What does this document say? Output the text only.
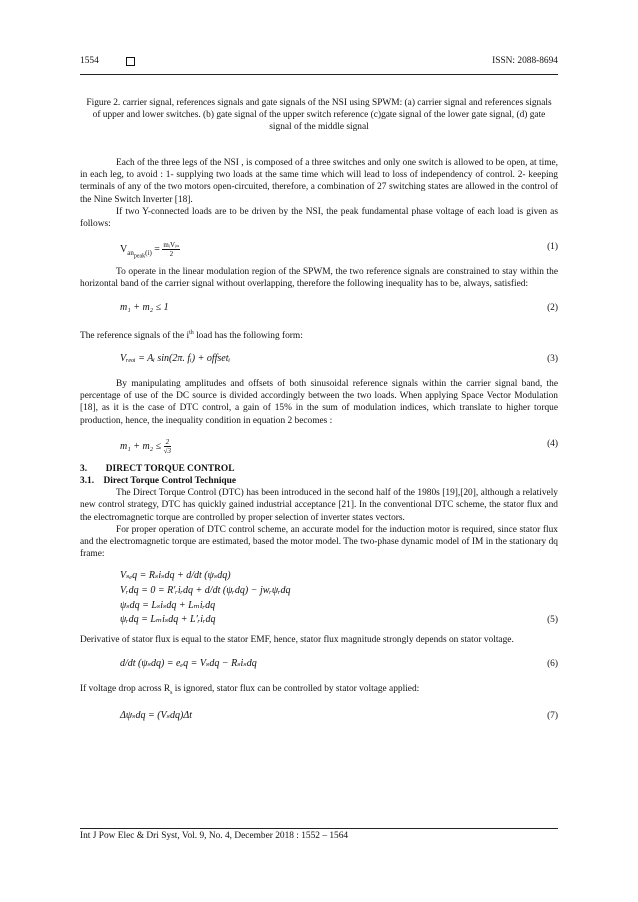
1554	ISSN: 2088-8694
Figure 2. carrier signal, references signals and gate signals of the NSI using SPWM: (a) carrier signal and references signals of upper and lower switches. (b) gate signal of the upper switch reference (c)gate signal of the lower gate signal, (d) gate signal of the middle signal

Each of the three legs of the NSI , is composed of a three switches and only one switch is allowed to be open, at time, in each leg, to avoid : 1- supplying two loads at the same time which will lead to loss of independency of control. 2- keeping terminals of any of the two motors open-circuited, therefore, a combination of 27 switching states are allowed in the control of the Nine Switch Inverter [18].

If two Y-connected loads are to be driven by the NSI, the peak fundamental phase voltage of each load is given as follows:

$V_{an_{peak}(i)} = \frac{\text{mᵢVᵢₙ}}{2}$	(1)

To operate in the linear modulation region of the SPWM, the two reference signals are constrained to stay within the horizontal band of the carrier signal without overlapping, therefore the following inequality has to be, always, satisfied:

m₁ + m₂ ≤ 1	(2)

The reference signals of the $i^{th}$ load has the following form:

Vᵣₑₒᵢ = Aᵢ sin(2π. fᵢ) + offsetᵢ	(3)

By manipulating amplitudes and offsets of both sinusoidal reference signals within the carrier signal band, the percentage of use of the DC source is divided accordingly between the two loads. When applying Space Vector Modulation [18], as it is the case of DTC control, a gain of 15% in the sum of modulation indices, which translate to higher torque production, hence, the inequality condition in equation 2 becomes :

$m_1 + m_2 \le \frac{2}{√3}$	(4)

3.  DIRECT TORQUE CONTROL

3.1. Direct Torque Control Technique

The Direct Torque Control (DTC) has been introduced in the second half of the 1980s [19],[20], although a relatively new control strategy, DTC has quickly gained industrial acceptance [21]. In the conventional DTC scheme, the stator flux and the electromagnetic torque are controlled by proper selection of inverter states vectors.

For proper operation of DTC control scheme, an accurate model for the induction motor is required, since stator flux and the electromagnetic torque are estimated, based the motor model. The two-phase dynamic model of IM in the stationary dq frame:

Vₛₑq = Rₛiₛdq + d/dt (ψₛdq)
Vᵣdq = 0 = R′ᵣiᵣdq + d/dt (ψᵣdq) − jwᵣψᵣdq
ψₛdq = Lₛiₛdq + Lₘiᵣdq
ψᵣdq = Lₘiₛdq + L′ᵣiᵣdq	(5)

Derivative of stator flux is equal to the stator EMF, hence, stator flux magnitude strongly depends on stator voltage.

d/dt (ψₛdq) = eₑq = Vₛdq − Rₛiₛdq	(6)

If voltage drop across $R_s$ is ignored, stator flux can be controlled by stator voltage applied:

Δψₛdq = (Vₛdq)Δt	(7)
Int J Pow Elec & Dri Syst, Vol. 9, No. 4, December 2018 : 1552 – 1564
